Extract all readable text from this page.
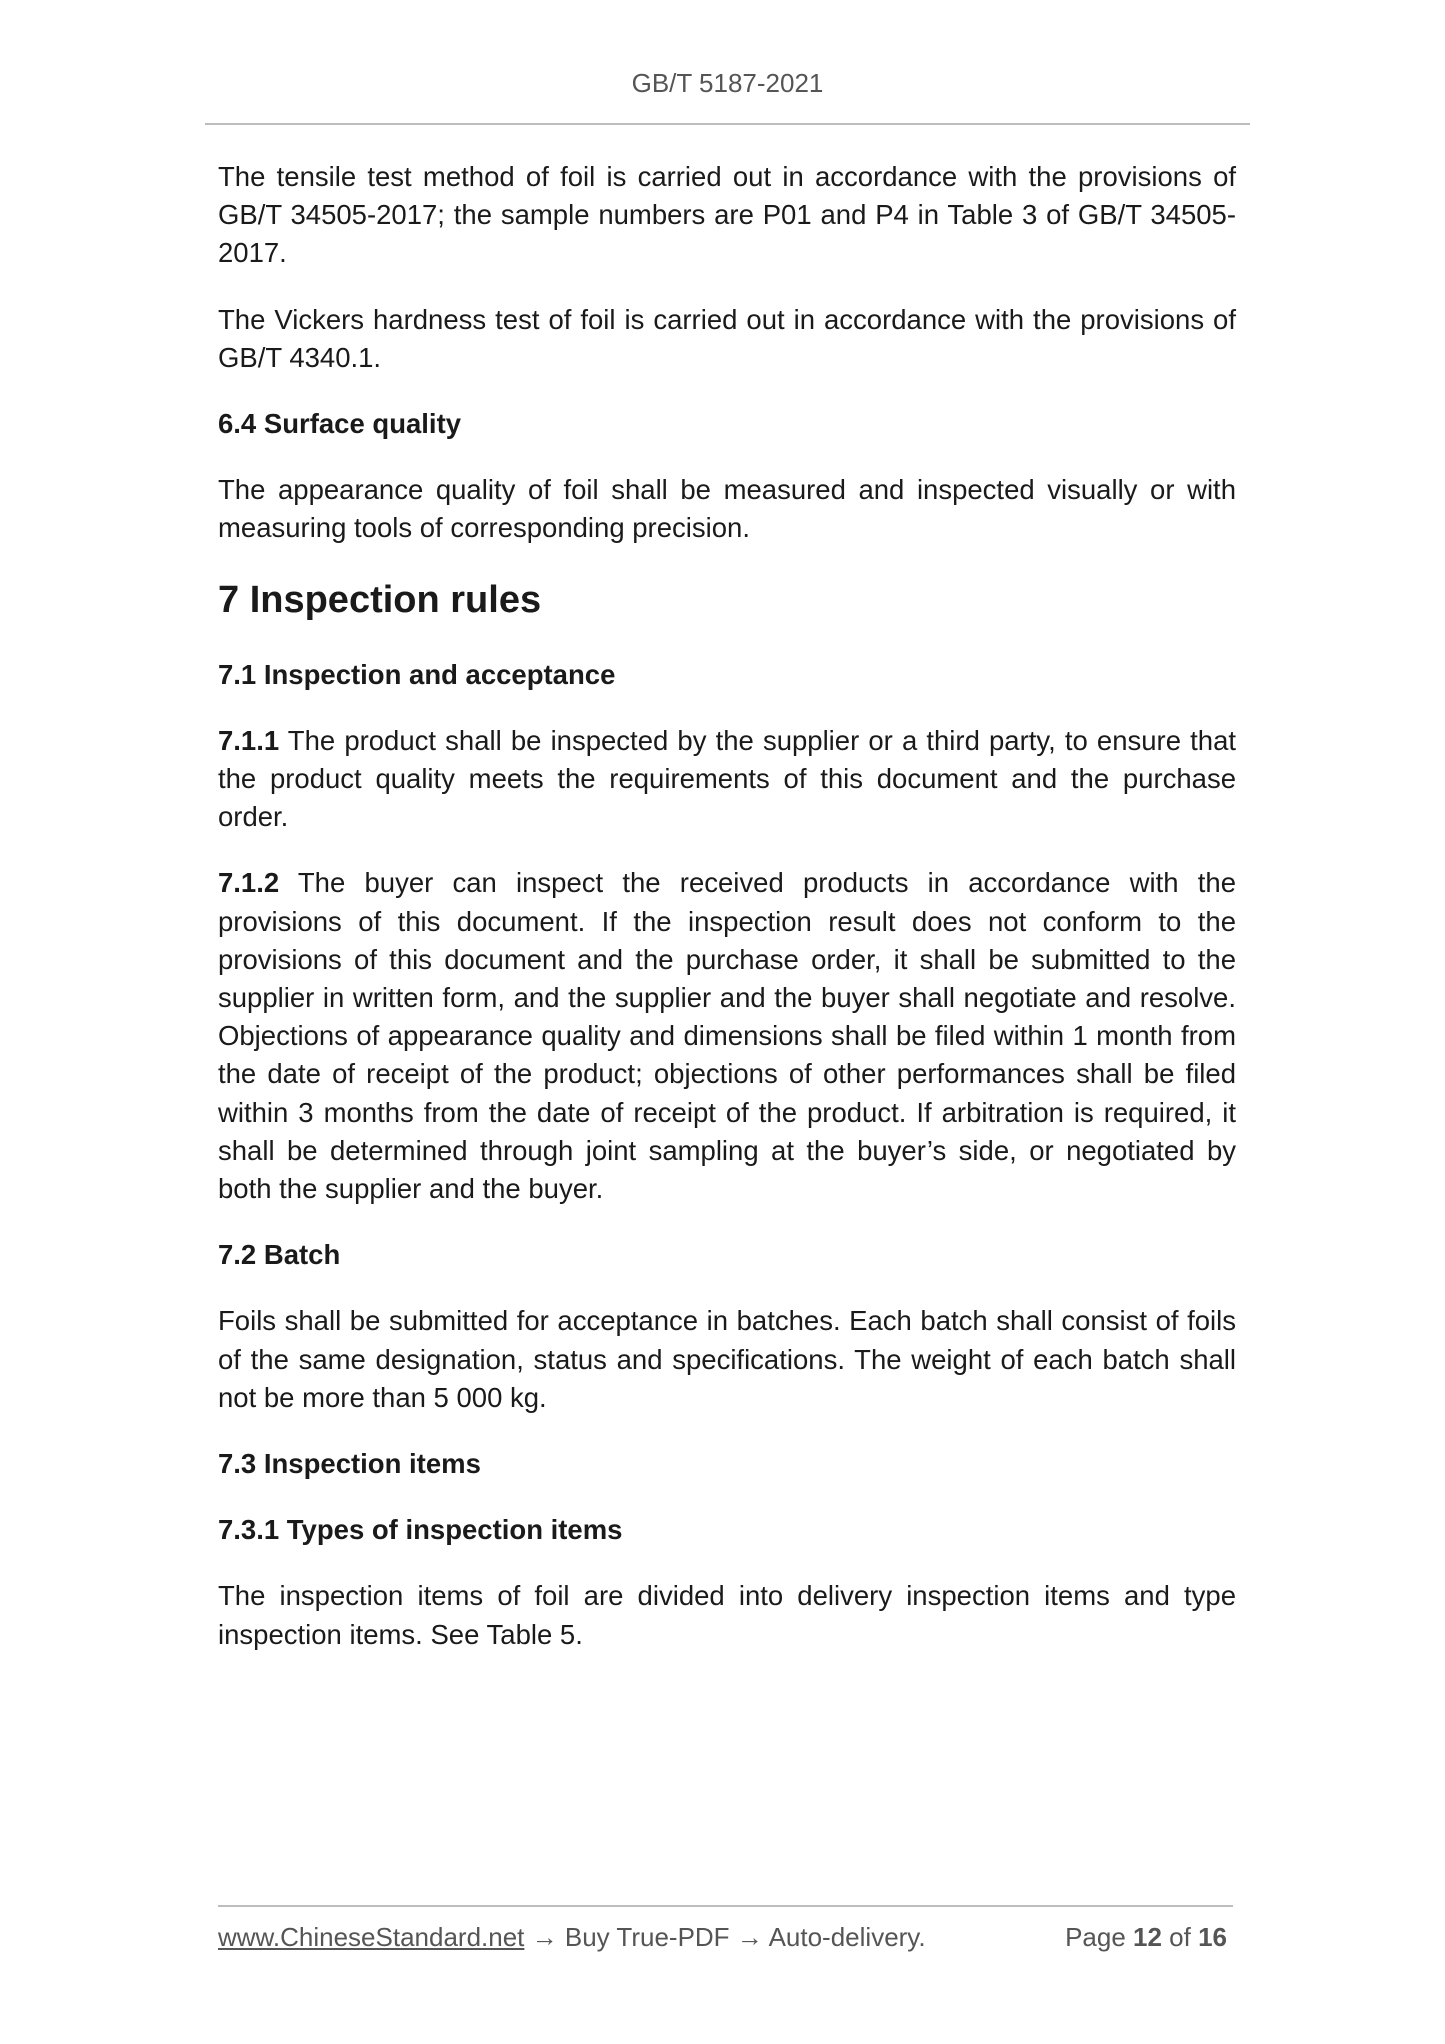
GB/T 5187-2021

The tensile test method of foil is carried out in accordance with the provisions of GB/T 34505-2017; the sample numbers are P01 and P4 in Table 3 of GB/T 34505-2017.

The Vickers hardness test of foil is carried out in accordance with the provisions of GB/T 4340.1.

6.4 Surface quality

The appearance quality of foil shall be measured and inspected visually or with measuring tools of corresponding precision.

7 Inspection rules
7.1 Inspection and acceptance

7.1.1 The product shall be inspected by the supplier or a third party, to ensure that the product quality meets the requirements of this document and the purchase order.

7.1.2 The buyer can inspect the received products in accordance with the provisions of this document. If the inspection result does not conform to the provisions of this document and the purchase order, it shall be submitted to the supplier in written form, and the supplier and the buyer shall negotiate and resolve. Objections of appearance quality and dimensions shall be filed within 1 month from the date of receipt of the product; objections of other performances shall be filed within 3 months from the date of receipt of the product. If arbitration is required, it shall be determined through joint sampling at the buyer’s side, or negotiated by both the supplier and the buyer.

7.2 Batch

Foils shall be submitted for acceptance in batches. Each batch shall consist of foils of the same designation, status and specifications. The weight of each batch shall not be more than 5 000 kg.

7.3 Inspection items
7.3.1 Types of inspection items

The inspection items of foil are divided into delivery inspection items and type inspection items. See Table 5.

www.ChineseStandard.net → Buy True-PDF → Auto-delivery.	Page 12 of 16
